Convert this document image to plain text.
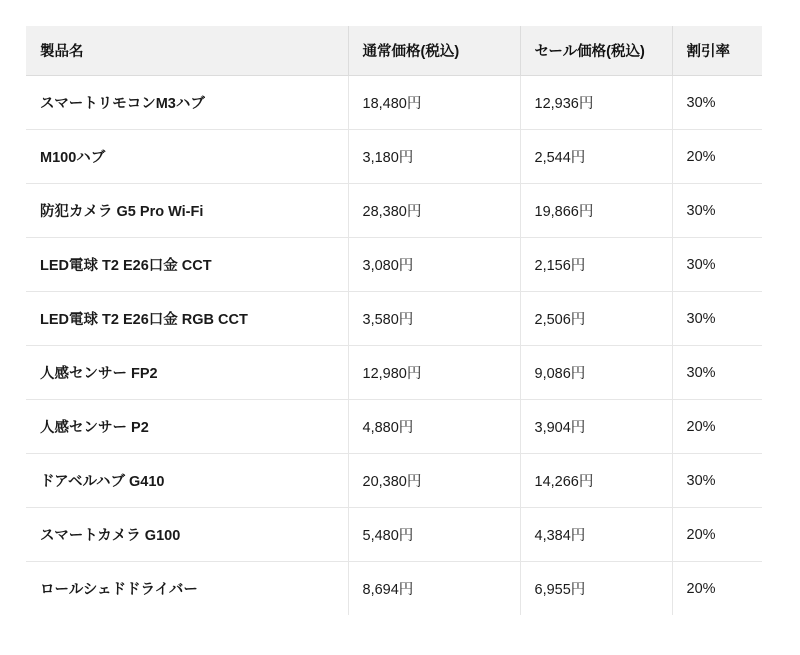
製品名	通常価格(税込)	セール価格(税込)	割引率
スマートリモコンM3ハブ	18,480円	12,936円	30%
M100ハブ	3,180円	2,544円	20%
防犯カメラ G5 Pro Wi-Fi	28,380円	19,866円	30%
LED電球 T2 E26口金 CCT	3,080円	2,156円	30%
LED電球 T2 E26口金 RGB CCT	3,580円	2,506円	30%
人感センサー FP2	12,980円	9,086円	30%
人感センサー P2	4,880円	3,904円	20%
ドアベルハブ G410	20,380円	14,266円	30%
スマートカメラ G100	5,480円	4,384円	20%
ロールシェドドライバー	8,694円	6,955円	20%
